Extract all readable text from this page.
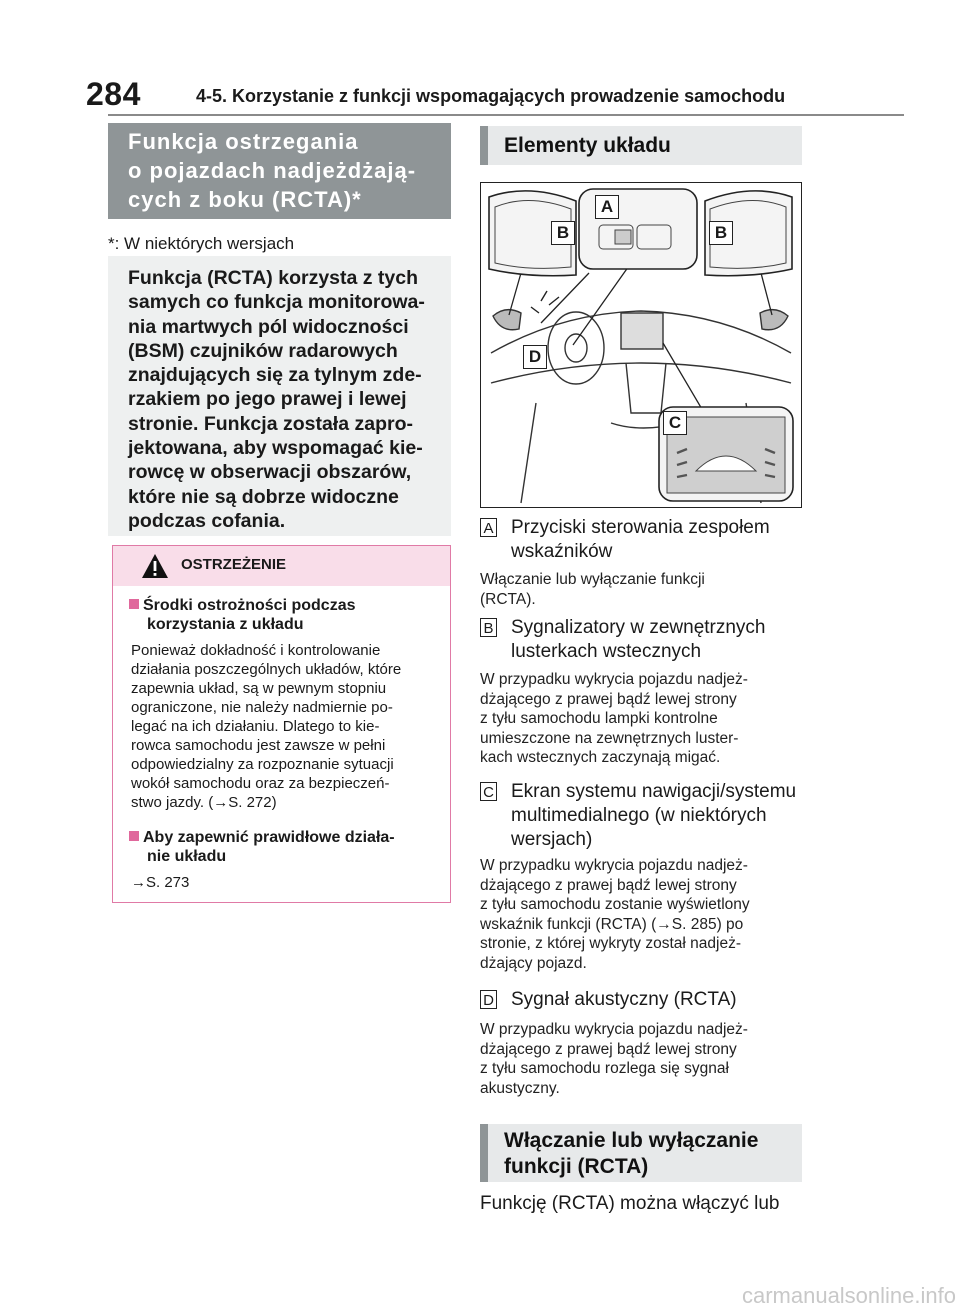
284	4-5. Korzystanie z funkcji wspomagających prowadzenie samochodu
Funkcja ostrzegania
o pojazdach nadjeżdżają-
cych z boku (RCTA)*
*: W niektórych wersjach

Funkcja (RCTA) korzysta z tych

samych co funkcja monitorowa-

nia martwych pól widoczności

(BSM) czujników radarowych

znajdujących się za tylnym zde-

rzakiem po jego prawej i lewej

stronie. Funkcja została zapro-

jektowana, aby wspomagać kie-

rowcę w obserwacji obszarów,

które nie są dobrze widoczne

podczas cofania.

OSTRZEŻENIE
Środki ostrożności podczas
korzystania z układu
Ponieważ dokładność i kontrolowanie
działania poszczególnych układów, które
zapewnia układ, są w pewnym stopniu
ograniczone, nie należy nadmiernie po-
legać na ich działaniu. Dlatego to kie-
rowca samochodu jest zawsze w pełni
odpowiedzialny za rozpoznanie sytuacji
wokół samochodu oraz za bezpieczeń-
stwo jazdy. (→S. 272)
Aby zapewnić prawidłowe działa-
nie układu
→S. 273
Elementy układu
A
B	B
C
D
A Przyciski sterowania zespołem
wskaźników
Włączanie lub wyłączanie funkcji
(RCTA).
B Sygnalizatory w zewnętrznych
lusterkach wstecznych
W przypadku wykrycia pojazdu nadjeż-
dżającego z prawej bądź lewej strony
z tyłu samochodu lampki kontrolne
umieszczone na zewnętrznych luster-
kach wstecznych zaczynają migać.
C Ekran systemu nawigacji/systemu
multimedialnego (w niektórych
wersjach)
W przypadku wykrycia pojazdu nadjeż-
dżającego z prawej bądź lewej strony
z tyłu samochodu zostanie wyświetlony
wskaźnik funkcji (RCTA) (→S. 285) po
stronie, z której wykryty został nadjeż-
dżający pojazd.
D Sygnał akustyczny (RCTA)
W przypadku wykrycia pojazdu nadjeż-
dżającego z prawej bądź lewej strony
z tyłu samochodu rozlega się sygnał
akustyczny.
Włączanie lub wyłączanie
funkcji (RCTA)
Funkcję (RCTA) można włączyć lub
carmanualsonline.info
